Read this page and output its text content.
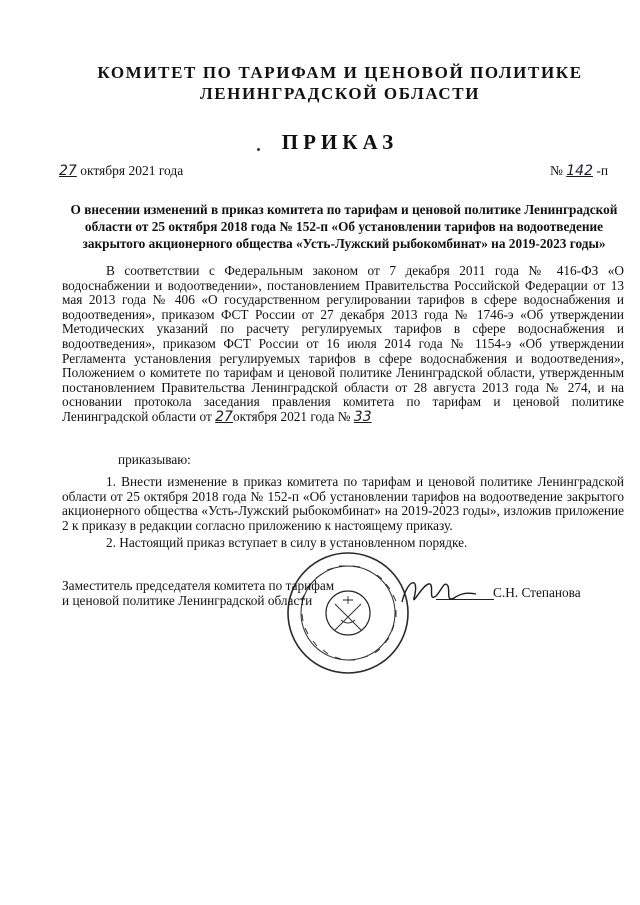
КОМИТЕТ ПО ТАРИФАМ И ЦЕНОВОЙ ПОЛИТИКЕ
ЛЕНИНГРАДСКОЙ ОБЛАСТИ
ПРИКАЗ
27 октября 2021 года	№ 142 -п
О внесении изменений в приказ комитета по тарифам и ценовой политике Ленинградской области от 25 октября 2018 года № 152-п «Об установлении тарифов на водоотведение закрытого акционерного общества «Усть-Лужский рыбокомбинат» на 2019-2023 годы»

В соответствии с Федеральным законом от 7 декабря 2011 года № 416-ФЗ «О водоснабжении и водоотведении», постановлением Правительства Российской Федерации от 13 мая 2013 года № 406 «О государственном регулировании тарифов в сфере водоснабжения и водоотведения», приказом ФСТ России от 27 декабря 2013 года № 1746-э «Об утверждении Методических указаний по расчету регулируемых тарифов в сфере водоснабжения и водоотведения», приказом ФСТ России от 16 июля 2014 года № 1154-э «Об утверждении Регламента установления регулируемых тарифов в сфере водоснабжения и водоотведения», Положением о комитете по тарифам и ценовой политике Ленинградской области, утвержденным постановлением Правительства Ленинградской области от 28 августа 2013 года № 274, и на основании протокола заседания правления комитета по тарифам и ценовой политике Ленинградской области от 27октября 2021 года № 33

приказываю:

1. Внести изменение в приказ комитета по тарифам и ценовой политике Ленинградской области от 25 октября 2018 года № 152-п «Об установлении тарифов на водоотведение закрытого акционерного общества «Усть-Лужский рыбокомбинат» на 2019-2023 годы», изложив приложение 2 к приказу в редакции согласно приложению к настоящему приказу.

2. Настоящий приказ вступает в силу в установленном порядке.

Заместитель председателя комитета по тарифам
и ценовой политике Ленинградской области
С.Н. Степанова
